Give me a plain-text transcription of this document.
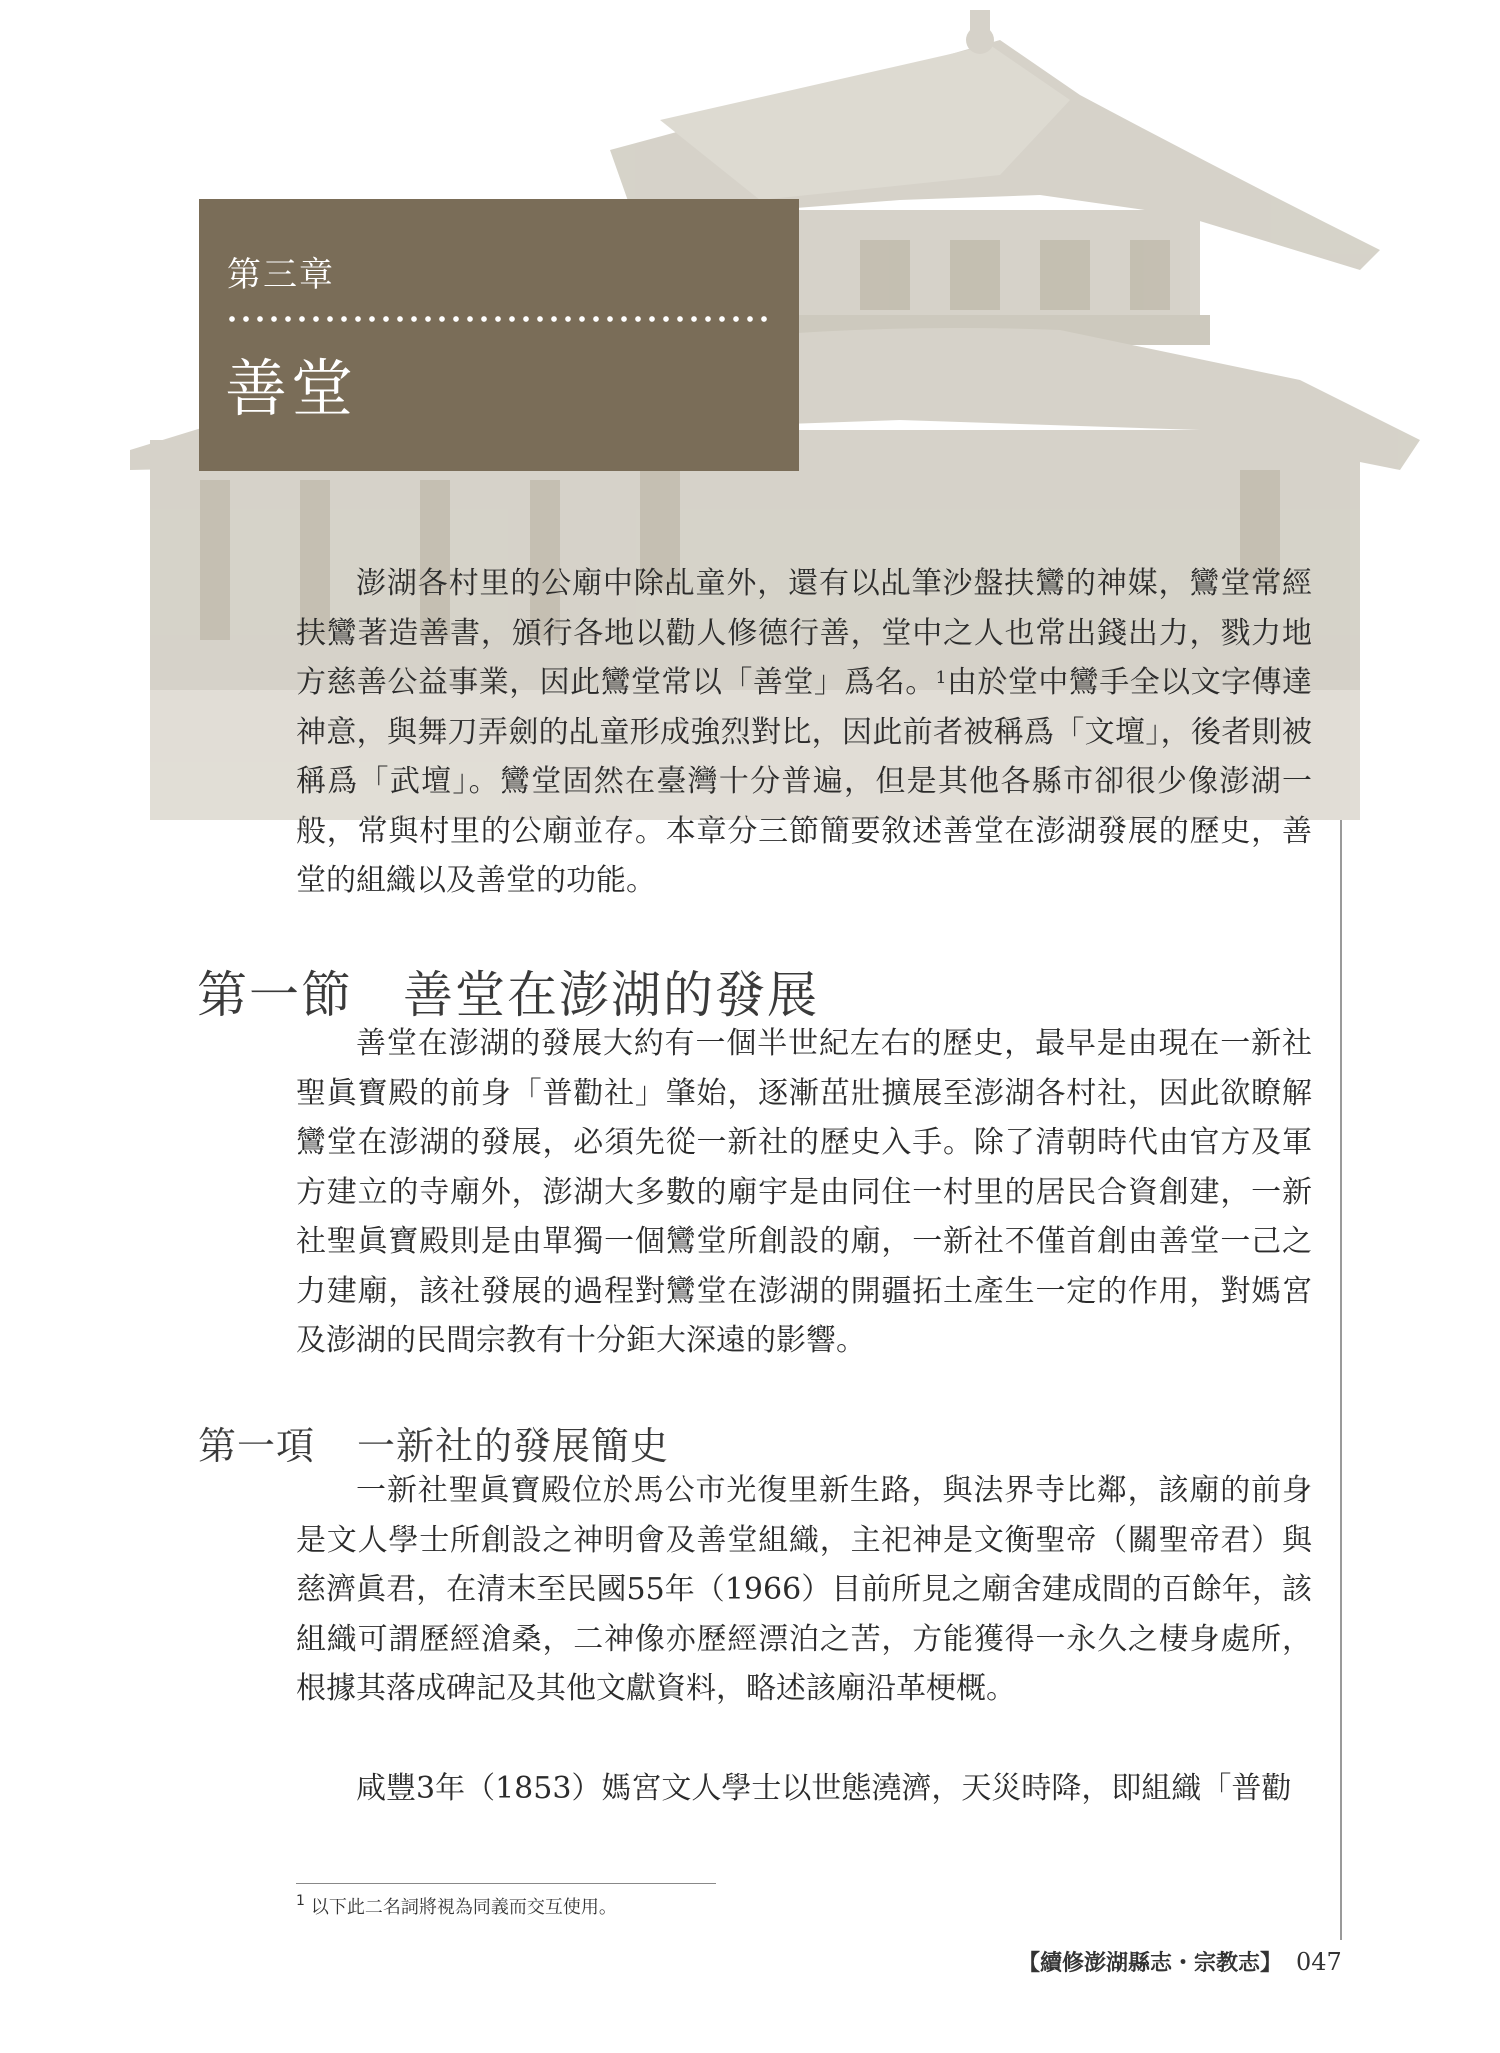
第三章
善堂

澎湖各村里的公廟中除乩童外，還有以乩筆沙盤扶鸞的神媒，鸞堂常經扶鸞著造善書，頒行各地以勸人修德行善，堂中之人也常出錢出力，戮力地方慈善公益事業，因此鸞堂常以「善堂」爲名。$^1$由於堂中鸞手全以文字傳達神意，與舞刀弄劍的乩童形成強烈對比，因此前者被稱爲「文壇」，後者則被稱爲「武壇」。鸞堂固然在臺灣十分普遍，但是其他各縣市卻很少像澎湖一般，常與村里的公廟並存。本章分三節簡要敘述善堂在澎湖發展的歷史，善堂的組織以及善堂的功能。

第一節 善堂在澎湖的發展

善堂在澎湖的發展大約有一個半世紀左右的歷史，最早是由現在一新社聖眞寶殿的前身「普勸社」肇始，逐漸茁壯擴展至澎湖各村社，因此欲瞭解鸞堂在澎湖的發展，必須先從一新社的歷史入手。除了清朝時代由官方及軍方建立的寺廟外，澎湖大多數的廟宇是由同住一村里的居民合資創建，一新社聖眞寶殿則是由單獨一個鸞堂所創設的廟，一新社不僅首創由善堂一己之力建廟，該社發展的過程對鸞堂在澎湖的開疆拓土產生一定的作用，對媽宮及澎湖的民間宗教有十分鉅大深遠的影響。

第一項 一新社的發展簡史

一新社聖眞寶殿位於馬公市光復里新生路，與法界寺比鄰，該廟的前身是文人學士所創設之神明會及善堂組織，主祀神是文衡聖帝（關聖帝君）與慈濟眞君，在清末至民國55年（1966）目前所見之廟舍建成間的百餘年，該組織可謂歷經滄桑，二神像亦歷經漂泊之苦，方能獲得一永久之棲身處所，根據其落成碑記及其他文獻資料，略述該廟沿革梗概。

咸豐3年（1853）媽宮文人學士以世態澆濟，天災時降，即組織「普勸

$^1$ 以下此二名詞將視為同義而交互使用。
【續修澎湖縣志・宗教志】 047
